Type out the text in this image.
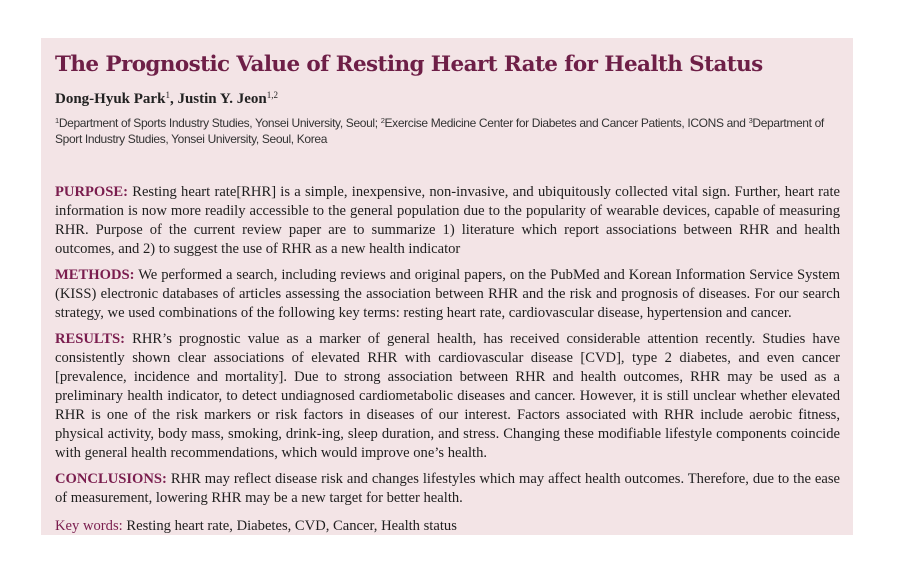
The Prognostic Value of Resting Heart Rate for Health Status
Dong-Hyuk Park$^1$, Justin Y. Jeon$^{1,2}$
$^1$Department of Sports Industry Studies, Yonsei University, Seoul; $^2$Exercise Medicine Center for Diabetes and Cancer Patients, ICONS and $^3$Department of Sport Industry Studies, Yonsei University, Seoul, Korea

PURPOSE: Resting heart rate[RHR] is a simple, inexpensive, non-invasive, and ubiquitously collected vital sign. Further, heart rate information is now more readily accessible to the general population due to the popularity of wearable devices, capable of measuring RHR. Purpose of the current review paper are to summarize 1) literature which report associations between RHR and health outcomes, and 2) to suggest the use of RHR as a new health indicator

METHODS: We performed a search, including reviews and original papers, on the PubMed and Korean Information Service System (KISS) electronic databases of articles assessing the association between RHR and the risk and prognosis of diseases. For our search strategy, we used combinations of the following key terms: resting heart rate, cardiovascular disease, hypertension and cancer.

RESULTS: RHR’s prognostic value as a marker of general health, has received considerable attention recently. Studies have consistently shown clear associations of elevated RHR with cardiovascular disease [CVD], type 2 diabetes, and even cancer [prevalence, incidence and mortality]. Due to strong association between RHR and health outcomes, RHR may be used as a preliminary health indicator, to detect undiagnosed cardiometabolic diseases and cancer. However, it is still unclear whether elevated RHR is one of the risk markers or risk factors in diseases of our interest. Factors associated with RHR include aerobic fitness, physical activity, body mass, smoking, drink-ing, sleep duration, and stress. Changing these modifiable lifestyle components coincide with general health recommendations, which would improve one’s health.

CONCLUSIONS: RHR may reflect disease risk and changes lifestyles which may affect health outcomes. Therefore, due to the ease of measurement, lowering RHR may be a new target for better health.

Key words: Resting heart rate, Diabetes, CVD, Cancer, Health status
